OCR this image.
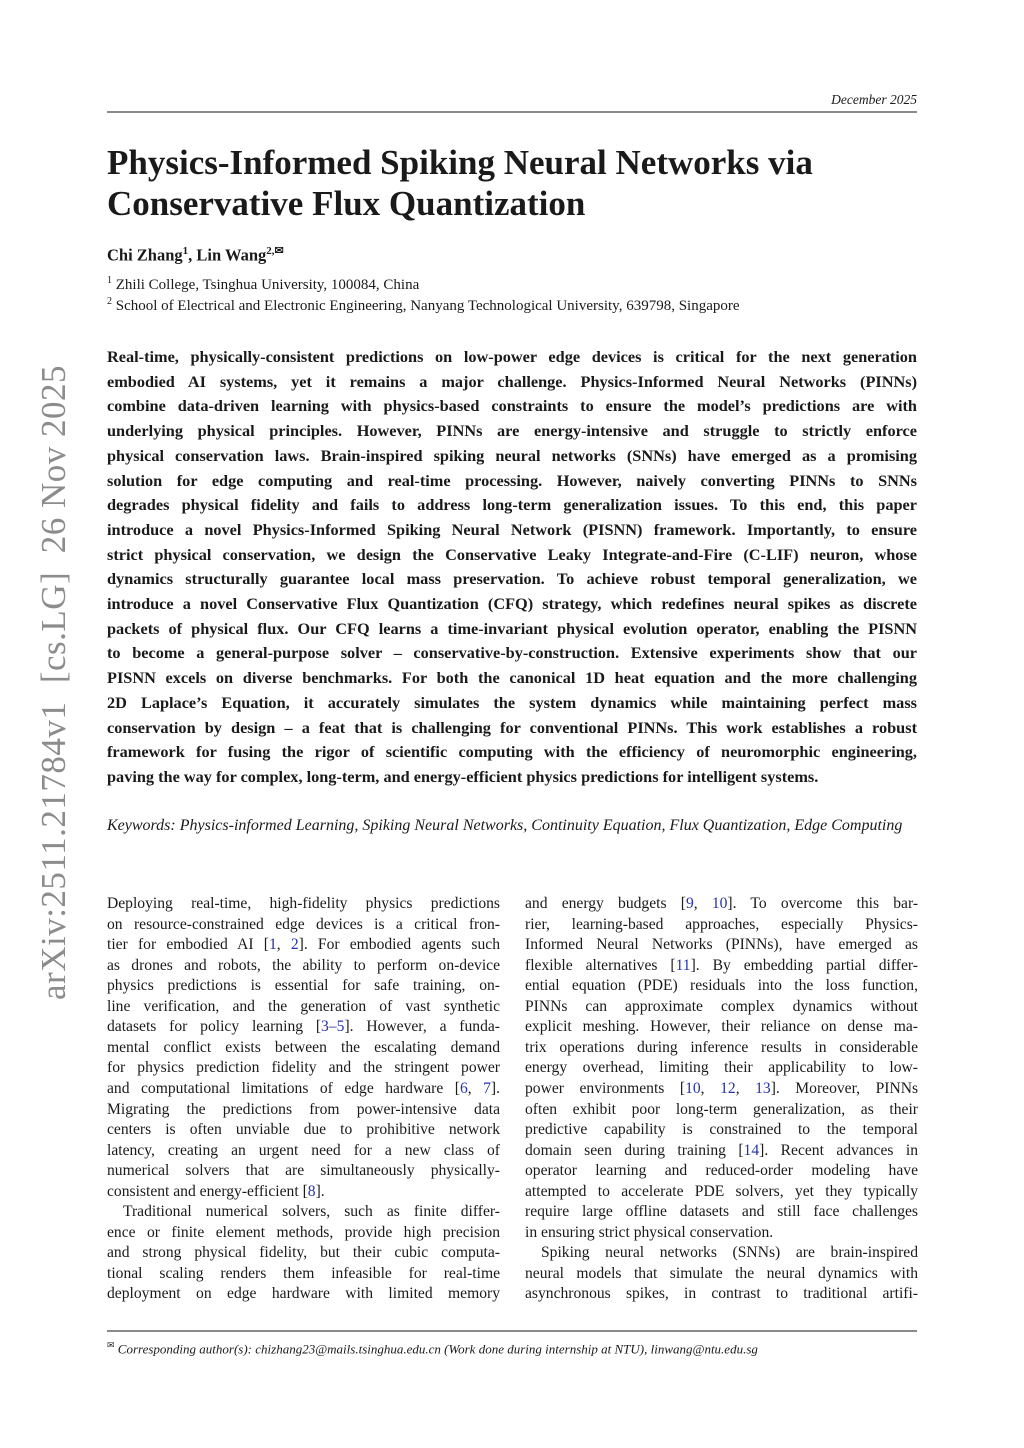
arXiv:2511.21784v1  [cs.LG]  26 Nov 2025
December 2025
Physics-Informed Spiking Neural Networks via
Conservative Flux Quantization
Chi Zhang$^1$, Lin Wang$^{2,✉}$
$^1$ Zhili College, Tsinghua University, 100084, China
$^2$ School of Electrical and Electronic Engineering, Nanyang Technological University, 639798, Singapore
Real-time, physically-consistent predictions on low-power edge devices is critical for the next generation
embodied AI systems, yet it remains a major challenge. Physics-Informed Neural Networks (PINNs)
combine data-driven learning with physics-based constraints to ensure the model’s predictions are with
underlying physical principles. However, PINNs are energy-intensive and struggle to strictly enforce
physical conservation laws. Brain-inspired spiking neural networks (SNNs) have emerged as a promising
solution for edge computing and real-time processing. However, naively converting PINNs to SNNs
degrades physical fidelity and fails to address long-term generalization issues. To this end, this paper
introduce a novel Physics-Informed Spiking Neural Network (PISNN) framework. Importantly, to ensure
strict physical conservation, we design the Conservative Leaky Integrate-and-Fire (C-LIF) neuron, whose
dynamics structurally guarantee local mass preservation. To achieve robust temporal generalization, we
introduce a novel Conservative Flux Quantization (CFQ) strategy, which redefines neural spikes as discrete
packets of physical flux. Our CFQ learns a time-invariant physical evolution operator, enabling the PISNN
to become a general-purpose solver – conservative-by-construction. Extensive experiments show that our
PISNN excels on diverse benchmarks. For both the canonical 1D heat equation and the more challenging
2D Laplace’s Equation, it accurately simulates the system dynamics while maintaining perfect mass
conservation by design – a feat that is challenging for conventional PINNs. This work establishes a robust
framework for fusing the rigor of scientific computing with the efficiency of neuromorphic engineering,
paving the way for complex, long-term, and energy-efficient physics predictions for intelligent systems.
Keywords: Physics-informed Learning, Spiking Neural Networks, Continuity Equation, Flux Quantization, Edge Computing
Deploying real-time, high-fidelity physics predictions
on resource-constrained edge devices is a critical fron-
tier for embodied AI [1, 2]. For embodied agents such
as drones and robots, the ability to perform on-device
physics predictions is essential for safe training, on-
line verification, and the generation of vast synthetic
datasets for policy learning [3–5]. However, a funda-
mental conflict exists between the escalating demand
for physics prediction fidelity and the stringent power
and computational limitations of edge hardware [6, 7].
Migrating the predictions from power-intensive data
centers is often unviable due to prohibitive network
latency, creating an urgent need for a new class of
numerical solvers that are simultaneously physically-
consistent and energy-efficient [8].
Traditional numerical solvers, such as finite differ-
ence or finite element methods, provide high precision
and strong physical fidelity, but their cubic computa-
tional scaling renders them infeasible for real-time
deployment on edge hardware with limited memory
and energy budgets [9, 10]. To overcome this bar-
rier, learning-based approaches, especially Physics-
Informed Neural Networks (PINNs), have emerged as
flexible alternatives [11]. By embedding partial differ-
ential equation (PDE) residuals into the loss function,
PINNs can approximate complex dynamics without
explicit meshing. However, their reliance on dense ma-
trix operations during inference results in considerable
energy overhead, limiting their applicability to low-
power environments [10, 12, 13]. Moreover, PINNs
often exhibit poor long-term generalization, as their
predictive capability is constrained to the temporal
domain seen during training [14]. Recent advances in
operator learning and reduced-order modeling have
attempted to accelerate PDE solvers, yet they typically
require large offline datasets and still face challenges
in ensuring strict physical conservation.
Spiking neural networks (SNNs) are brain-inspired
neural models that simulate the neural dynamics with
asynchronous spikes, in contrast to traditional artifi-
✉ Corresponding author(s): chizhang23@mails.tsinghua.edu.cn (Work done during internship at NTU), linwang@ntu.edu.sg
